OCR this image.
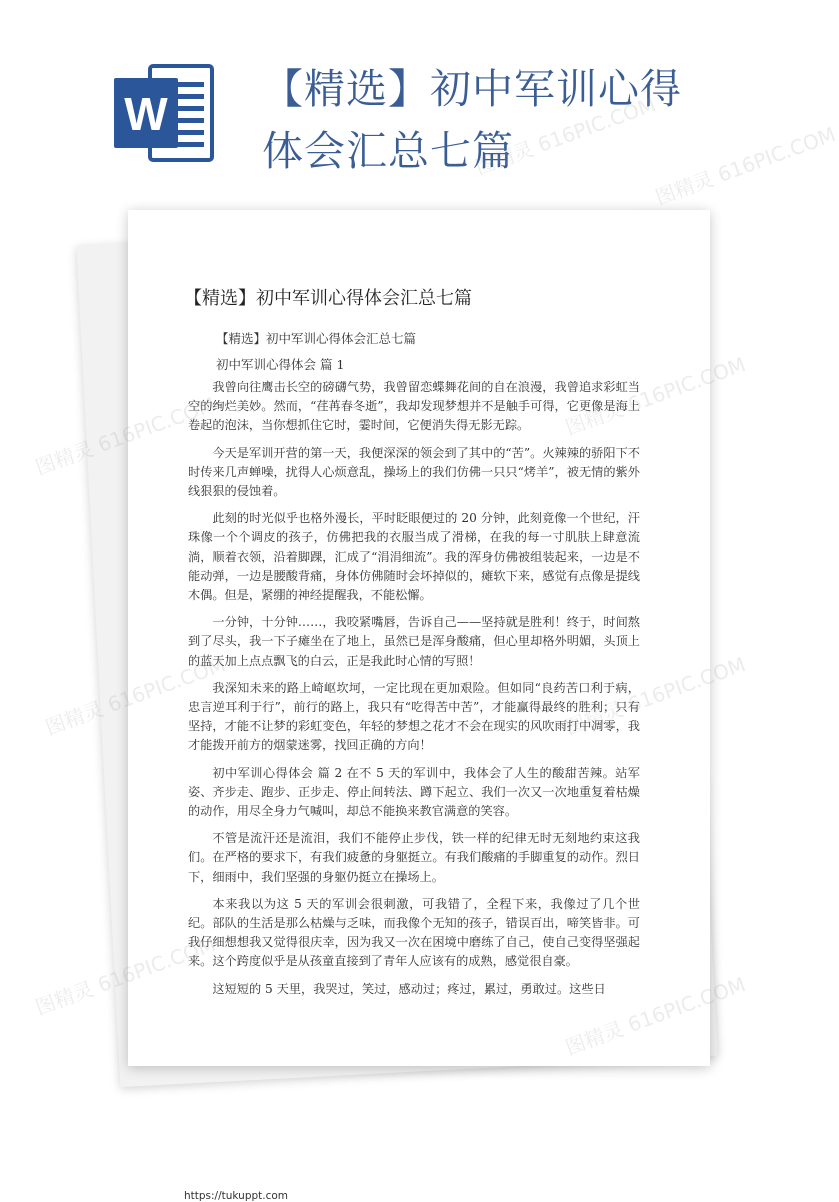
W 【精选】初中军训心得
体会汇总七篇
【精选】初中军训心得体会汇总七篇
【精选】初中军训心得体会汇总七篇
初中军训心得体会 篇 1

我曾向往鹰击长空的磅礴气势，我曾留恋蝶舞花间的自在浪漫，我曾追求彩虹当空的绚烂美妙。然而，“荏苒春冬逝”，我却发现梦想并不是触手可得，它更像是海上卷起的泡沫，当你想抓住它时，霎时间，它便消失得无影无踪。

今天是军训开营的第一天，我便深深的领会到了其中的“苦”。火辣辣的骄阳下不时传来几声蝉噪，扰得人心烦意乱，操场上的我们仿佛一只只“烤羊”，被无情的紫外线狠狠的侵蚀着。

此刻的时光似乎也格外漫长，平时眨眼便过的 20 分钟，此刻竟像一个世纪，汗珠像一个个调皮的孩子，仿佛把我的衣服当成了滑梯，在我的每一寸肌肤上肆意流淌，顺着衣领，沿着脚踝，汇成了“涓涓细流”。我的浑身仿佛被组装起来，一边是不能动弹，一边是腰酸背痛，身体仿佛随时会坏掉似的，瘫软下来，感觉有点像是提线木偶。但是，紧绷的神经提醒我，不能松懈。

一分钟，十分钟……，我咬紧嘴唇，告诉自己——坚持就是胜利！终于，时间熬到了尽头，我一下子瘫坐在了地上，虽然已是浑身酸痛，但心里却格外明媚，头顶上的蓝天加上点点飘飞的白云，正是我此时心情的写照！

我深知未来的路上崎岖坎坷，一定比现在更加艰险。但如同“良药苦口利于病，忠言逆耳利于行”，前行的路上，我只有“吃得苦中苦”，才能赢得最终的胜利；只有坚持，才能不让梦的彩虹变色，年轻的梦想之花才不会在现实的风吹雨打中凋零，我才能拨开前方的烟蒙迷雾，找回正确的方向！

初中军训心得体会 篇 2 在不 5 天的军训中，我体会了人生的酸甜苦辣。站军姿、齐步走、跑步、正步走、停止间转法、蹲下起立、我们一次又一次地重复着枯燥的动作，用尽全身力气喊叫，却总不能换来教官满意的笑容。

不管是流汗还是流泪，我们不能停止步伐，铁一样的纪律无时无刻地约束这我们。在严格的要求下，有我们疲惫的身躯挺立。有我们酸痛的手脚重复的动作。烈日下，细雨中，我们坚强的身躯仍挺立在操场上。

本来我以为这 5 天的军训会很刺激，可我错了，全程下来，我像过了几个世纪。部队的生活是那么枯燥与乏味，而我像个无知的孩子，错误百出，啼笑皆非。可我仔细想想我又觉得很庆幸，因为我又一次在困境中磨练了自己，使自己变得坚强起来。这个跨度似乎是从孩童直接到了青年人应该有的成熟，感觉很自豪。

这短短的 5 天里，我哭过，笑过，感动过；疼过，累过，勇敢过。这些日

https://tukuppt.com
图精灵 616PIC.COM
图精灵 616PIC.COM
图精灵
图精灵
图精灵
